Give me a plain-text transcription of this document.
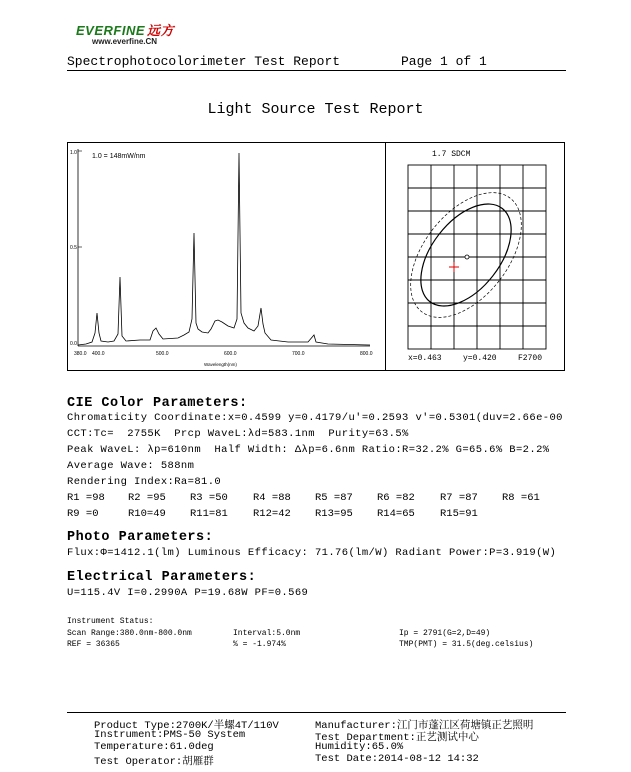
EVERFINE 远方
www.everfine.CN
Spectrophotocolorimeter Test Report	Page 1 of 1
Light Source Test Report
1.0
0.5
0.0
1.0 = 148mW/nm
380.0 400.0	500.0	600.0	700.0	800.0
Wavelength(nm)
1.7 SDCM
x=0.463	y=0.420	F2700
CIE Color Parameters:
Chromaticity Coordinate:x=0.4599 y=0.4179/u'=0.2593 v'=0.5301(duv=2.66e-00
CCT:Tc=  2755K  Prcp WaveL:λd=583.1nm  Purity=63.5%
Peak WaveL: λp=610nm  Half Width: Δλp=6.6nm Ratio:R=32.2% G=65.6% B=2.2%
Average Wave: 588nm
Rendering Index:Ra=81.0
R1 =98 R2 =95 R3 =50 R4 =88 R5 =87 R6 =82 R7 =87 R8 =61
R9 =0	R10=49 R11=81 R12=42 R13=95 R14=65 R15=91
Photo Parameters:
Flux:Φ=1412.1(lm) Luminous Efficacy: 71.76(lm/W) Radiant Power:P=3.919(W)
Electrical Parameters:
U=115.4V I=0.2990A P=19.68W PF=0.569
Instrument Status:
Scan Range:380.0nm-800.0nm	Interval:5.0nm	Ip = 2791(G=2,D=49)
REF = 36365	% = -1.974%	TMP(PMT) = 31.5(deg.celsius)
Product Type:2700K/半螺4T/110V	Manufacturer:江门市蓬江区荷塘镇正艺照明
Instrument:PMS-50 System	Test Department:正艺测试中心
Temperature:61.0deg	Humidity:65.0%
Test Operator:胡雁群	Test Date:2014-08-12 14:32
